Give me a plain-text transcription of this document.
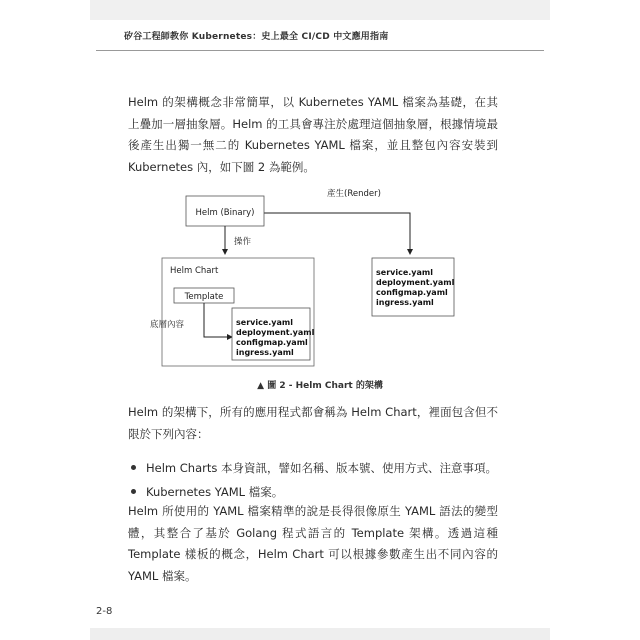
矽谷工程師教你 Kubernetes：史上最全 CI/CD 中文應用指南

Helm 的架構概念非常簡單，以 Kubernetes YAML 檔案為基礎，在其上疊加一層抽象層。Helm 的工具會專注於處理這個抽象層，根據情境最後產生出獨一無二的 Kubernetes YAML 檔案，並且整包內容安裝到 Kubernetes 內，如下圖 2 為範例。

產生(Render)
Helm (Binary)
操作
Helm Chart
Template
底層內容	service.yaml
deployment.yaml
configmap.yaml
ingress.yaml
service.yaml
deployment.yaml
configmap.yaml
ingress.yaml
▲ 圖 2 - Helm Chart 的架構

Helm 的架構下，所有的應用程式都會稱為 Helm Chart，裡面包含但不限於下列內容：

Helm Charts 本身資訊，譬如名稱、版本號、使用方式、注意事項。
Kubernetes YAML 檔案。

Helm 所使用的 YAML 檔案精準的說是長得很像原生 YAML 語法的變型體，其整合了基於 Golang 程式語言的 Template 架構。透過這種 Template 樣板的概念，Helm Chart 可以根據參數產生出不同內容的 YAML 檔案。

2-8
